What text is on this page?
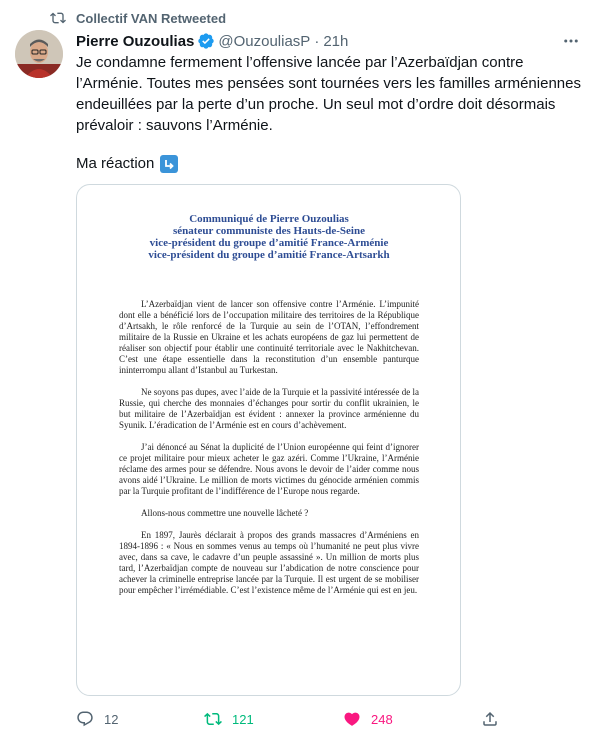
Collectif VAN Retweeted
Pierre Ouzoulias @OuzouliasP · 21h

Je condamne fermement l’offensive lancée par l’Azerbaïdjan contre l’Arménie. Toutes mes pensées sont tournées vers les familles arméniennes endeuillées par la perte d’un proche. Un seul mot d’ordre doit désormais prévaloir : sauvons l’Arménie.

Ma réaction
Communiqué de Pierre Ouzoulias
sénateur communiste des Hauts-de-Seine
vice-président du groupe d’amitié France-Arménie
vice-président du groupe d’amitié France-Artsarkh

L’Azerbaïdjan vient de lancer son offensive contre l’Arménie. L’impunité dont elle a bénéficié lors de l’occupation militaire des territoires de la République d’Artsakh, le rôle renforcé de la Turquie au sein de l’OTAN, l’effondrement militaire de la Russie en Ukraine et les achats européens de gaz lui permettent de réaliser son objectif pour établir une continuité territoriale avec le Nakhitchevan. C’est une étape essentielle dans la reconstitution d’un ensemble panturque ininterrompu allant d’Istanbul au Turkestan.

Ne soyons pas dupes, avec l’aide de la Turquie et la passivité intéressée de la Russie, qui cherche des monnaies d’échanges pour sortir du conflit ukrainien, le but militaire de l’Azerbaïdjan est évident : annexer la province arménienne du Syunik. L’éradication de l’Arménie est en cours d’achèvement.

J’ai dénoncé au Sénat la duplicité de l’Union européenne qui feint d’ignorer ce projet militaire pour mieux acheter le gaz azéri. Comme l’Ukraine, l’Arménie réclame des armes pour se défendre. Nous avons le devoir de l’aider comme nous avons aidé l’Ukraine. Le million de morts victimes du génocide arménien commis par la Turquie profitant de l’indifférence de l’Europe nous regarde.

Allons-nous commettre une nouvelle lâcheté ?

En 1897, Jaurès déclarait à propos des grands massacres d’Arméniens en 1894-1896 : « Nous en sommes venus au temps où l’humanité ne peut plus vivre avec, dans sa cave, le cadavre d’un peuple assassiné ». Un million de morts plus tard, l’Azerbaïdjan compte de nouveau sur l’abdication de notre conscience pour achever la criminelle entreprise lancée par la Turquie. Il est urgent de se mobiliser pour empêcher l’irrémédiable. C’est l’existence même de l’Arménie qui est en jeu.

12	121	248
